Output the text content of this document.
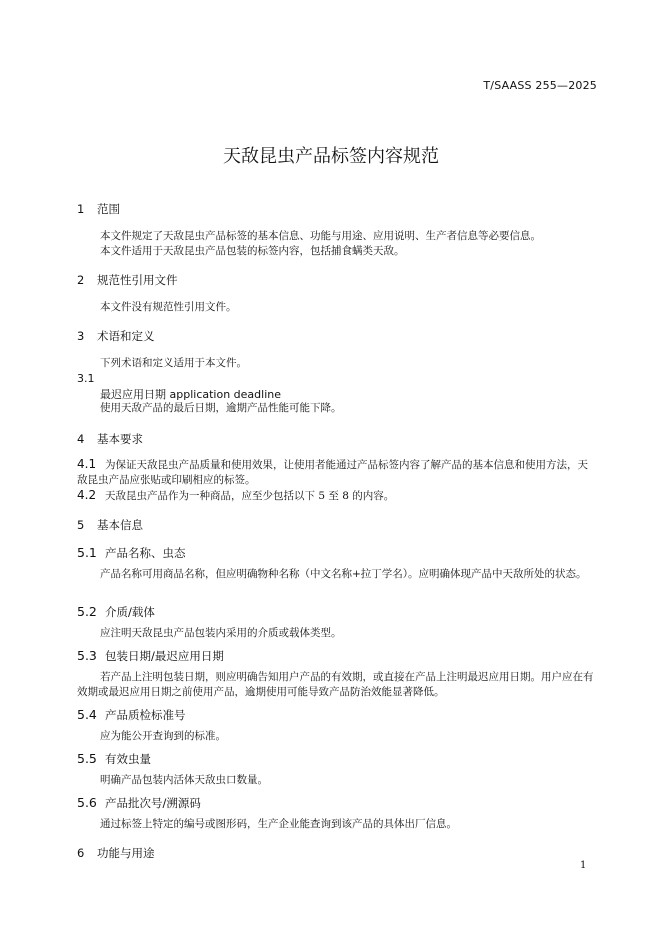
T/SAASS 255—2025
天敌昆虫产品标签内容规范
1 范围
本文件规定了天敌昆虫产品标签的基本信息、功能与用途、应用说明、生产者信息等必要信息。
本文件适用于天敌昆虫产品包装的标签内容，包括捕食螨类天敌。
2 规范性引用文件
本文件没有规范性引用文件。
3 术语和定义
下列术语和定义适用于本文件。
3.1
最迟应用日期 application deadline
使用天敌产品的最后日期，逾期产品性能可能下降。
4 基本要求
4.1 为保证天敌昆虫产品质量和使用效果，让使用者能通过产品标签内容了解产品的基本信息和使用方法，天敌昆虫产品应张贴或印刷相应的标签。
4.2 天敌昆虫产品作为一种商品，应至少包括以下 5 至 8 的内容。
5 基本信息
5.1 产品名称、虫态
产品名称可用商品名称，但应明确物种名称（中文名称+拉丁学名）。应明确体现产品中天敌所处的状态。
5.2 介质/载体
应注明天敌昆虫产品包装内采用的介质或载体类型。
5.3 包装日期/最迟应用日期
若产品上注明包装日期，则应明确告知用户产品的有效期，或直接在产品上注明最迟应用日期。用户应在有效期或最迟应用日期之前使用产品，逾期使用可能导致产品防治效能显著降低。
5.4 产品质检标准号
应为能公开查询到的标准。
5.5 有效虫量
明确产品包装内活体天敌虫口数量。
5.6 产品批次号/溯源码
通过标签上特定的编号或图形码，生产企业能查询到该产品的具体出厂信息。
6 功能与用途
1
